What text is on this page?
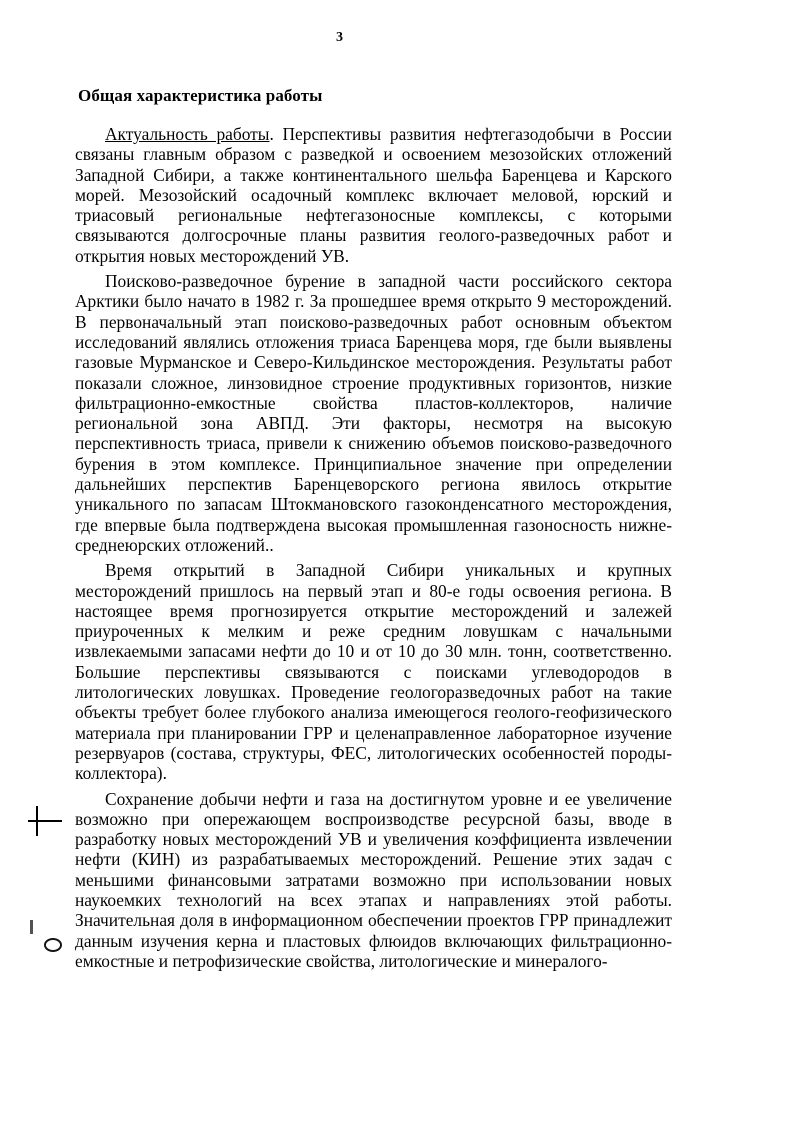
3
Общая характеристика работы

Актуальность работы. Перспективы развития нефтегазодобычи в России связаны главным образом с разведкой и освоением мезозойских отложений Западной Сибири, а также континентального шельфа Баренцева и Карского морей. Мезозойский осадочный комплекс включает меловой, юрский и триасовый региональные нефтегазоносные комплексы, с которыми связываются долгосрочные планы развития геолого-разведочных работ и открытия новых месторождений УВ.

Поисково-разведочное бурение в западной части российского сектора Арктики было начато в 1982 г. За прошедшее время открыто 9 месторождений. В первоначальный этап поисково-разведочных работ основным объектом исследований являлись отложения триаса Баренцева моря, где были выявлены газовые Мурманское и Северо-Кильдинское месторождения. Результаты работ показали сложное, линзовидное строение продуктивных горизонтов, низкие фильтрационно-емкостные свойства пластов-коллекторов, наличие региональной зона АВПД. Эти факторы, несмотря на высокую перспективность триаса, привели к снижению объемов поисково-разведочного бурения в этом комплексе. Принципиальное значение при определении дальнейших перспектив Баренцеворского региона явилось открытие уникального по запасам Штокмановского газоконденсатного месторождения, где впервые была подтверждена высокая промышленная газоносность нижне-среднеюрских отложений..

Время открытий в Западной Сибири уникальных и крупных месторождений пришлось на первый этап и 80-е годы освоения региона. В настоящее время прогнозируется открытие месторождений и залежей приуроченных к мелким и реже средним ловушкам с начальными извлекаемыми запасами нефти до 10 и от 10 до 30 млн. тонн, соответственно. Большие перспективы связываются с поисками углеводородов в литологических ловушках. Проведение геологоразведочных работ на такие объекты требует более глубокого анализа имеющегося геолого-геофизического материала при планировании ГРР и целенаправленное лабораторное изучение резервуаров (состава, структуры, ФЕС, литологических особенностей породы- коллектора).

Сохранение добычи нефти и газа на достигнутом уровне и ее увеличение возможно при опережающем воспроизводстве ресурсной базы, вводе в разработку новых месторождений УВ и увеличения коэффициента извлечении нефти (КИН) из разрабатываемых месторождений. Решение этих задач с меньшими финансовыми затратами возможно при использовании новых наукоемких технологий на всех этапах и направлениях этой работы. Значительная доля в информационном обеспечении проектов ГРР принадлежит данным изучения керна и пластовых флюидов включающих фильтрационно-емкостные и петрофизические свойства, литологические и минералого-
